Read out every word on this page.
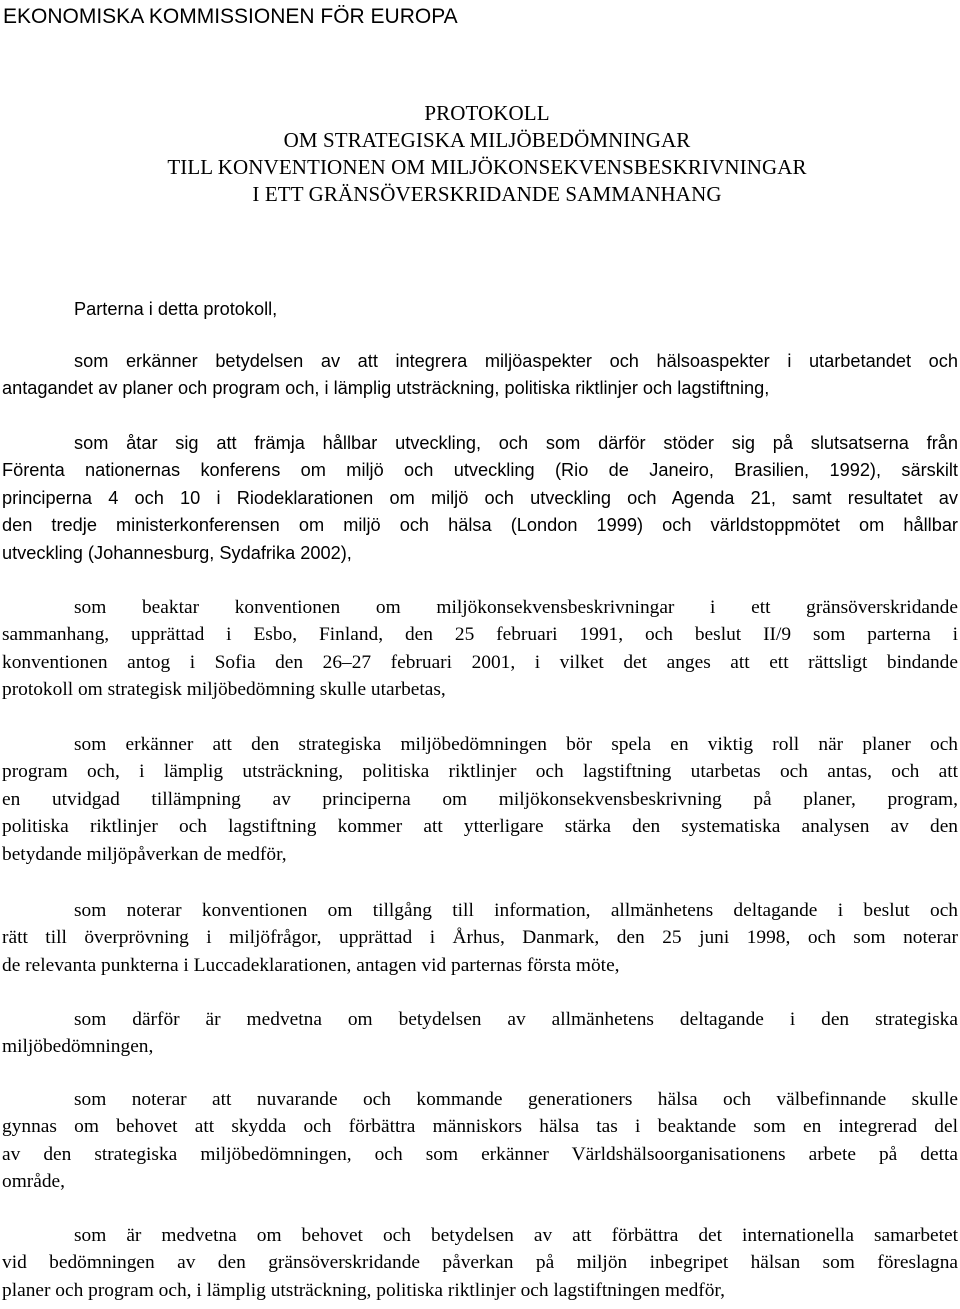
EKONOMISKA KOMMISSIONEN FÖR EUROPA
PROTOKOLL
OM STRATEGISKA MILJÖBEDÖMNINGAR
TILL KONVENTIONEN OM MILJÖKONSEKVENSBESKRIVNINGAR
I ETT GRÄNSÖVERSKRIDANDE SAMMANHANG

Parterna i detta protokoll,

som erkänner betydelsen av att integrera miljöaspekter och hälsoaspekter i utarbetandet och
antagandet av planer och program och, i lämplig utsträckning, politiska riktlinjer och lagstiftning,

som åtar sig att främja hållbar utveckling, och som därför stöder sig på slutsatserna från
Förenta nationernas konferens om miljö och utveckling (Rio de Janeiro, Brasilien, 1992), särskilt
principerna 4 och 10 i Riodeklarationen om miljö och utveckling och Agenda 21, samt resultatet av
den tredje ministerkonferensen om miljö och hälsa (London 1999) och världstoppmötet om hållbar
utveckling (Johannesburg, Sydafrika 2002),

som beaktar konventionen om miljökonsekvensbeskrivningar i ett gränsöverskridande
sammanhang, upprättad i Esbo, Finland, den 25 februari 1991, och beslut II/9 som parterna i
konventionen antog i Sofia den 26–27 februari 2001, i vilket det anges att ett rättsligt bindande
protokoll om strategisk miljöbedömning skulle utarbetas,

som erkänner att den strategiska miljöbedömningen bör spela en viktig roll när planer och
program och, i lämplig utsträckning, politiska riktlinjer och lagstiftning utarbetas och antas, och att
en utvidgad tillämpning av principerna om miljökonsekvensbeskrivning på planer, program,
politiska riktlinjer och lagstiftning kommer att ytterligare stärka den systematiska analysen av den
betydande miljöpåverkan de medför,

som noterar konventionen om tillgång till information, allmänhetens deltagande i beslut och
rätt till överprövning i miljöfrågor, upprättad i Århus, Danmark, den 25 juni 1998, och som noterar
de relevanta punkterna i Luccadeklarationen, antagen vid parternas första möte,

som därför är medvetna om betydelsen av allmänhetens deltagande i den strategiska
miljöbedömningen,

som noterar att nuvarande och kommande generationers hälsa och välbefinnande skulle
gynnas om behovet att skydda och förbättra människors hälsa tas i beaktande som en integrerad del
av den strategiska miljöbedömningen, och som erkänner Världshälsoorganisationens arbete på detta
område,

som är medvetna om behovet och betydelsen av att förbättra det internationella samarbetet
vid bedömningen av den gränsöverskridande påverkan på miljön inbegripet hälsan som föreslagna
planer och program och, i lämplig utsträckning, politiska riktlinjer och lagstiftningen medför,
